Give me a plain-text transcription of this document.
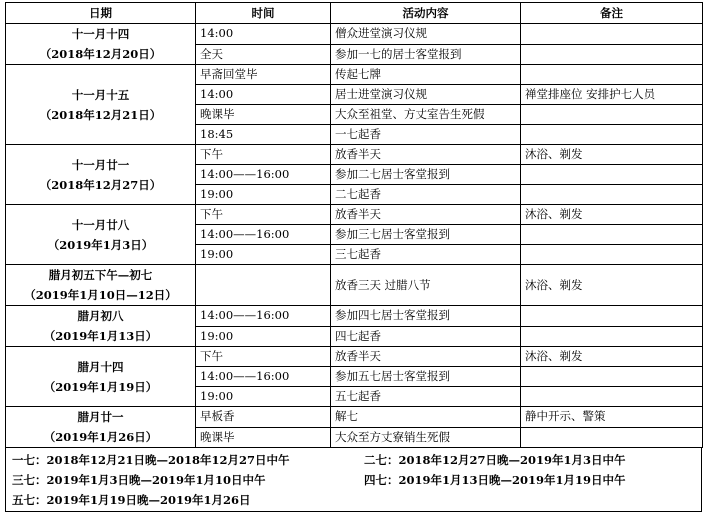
日期	时间	活动内容	备注

十一月十四
（2018年12月20日）	14:00	僧众进堂演习仪规	
	全天	参加一七的居士客堂报到	

十一月十五
（2018年12月21日）	早斋回堂毕	传起七牌	
	14:00	居士进堂演习仪规	禅堂排座位 安排护七人员
	晚课毕	大众至祖堂、方丈室告生死假	
	18:45	一七起香	

十一月廿一
（2018年12月27日）	下午	放香半天	沐浴、剃发
	14:00——16:00	参加二七居士客堂报到	
	19:00	二七起香	

十一月廿八
（2019年1月3日）	下午	放香半天	沐浴、剃发
	14:00——16:00	参加三七居士客堂报到	
	19:00	三七起香	

腊月初五下午—初七
（2019年1月10日—12日）		放香三天 过腊八节	沐浴、剃发

腊月初八
（2019年1月13日）	14:00——16:00	参加四七居士客堂报到	
	19:00	四七起香	

腊月十四
（2019年1月19日）	下午	放香半天	沐浴、剃发
	14:00——16:00	参加五七居士客堂报到	
	19:00	五七起香	

腊月廿一
（2019年1月26日）	早板香	解七	静中开示、警策
	晚课毕	大众至方丈寮销生死假	
一七：2018年12月21日晚—2018年12月27日中午	二七：2018年12月27日晚—2019年1月3日中午
三七：2019年1月3日晚—2019年1月10日中午	四七：2019年1月13日晚—2019年1月19日中午
五七：2019年1月19日晚—2019年1月26日
